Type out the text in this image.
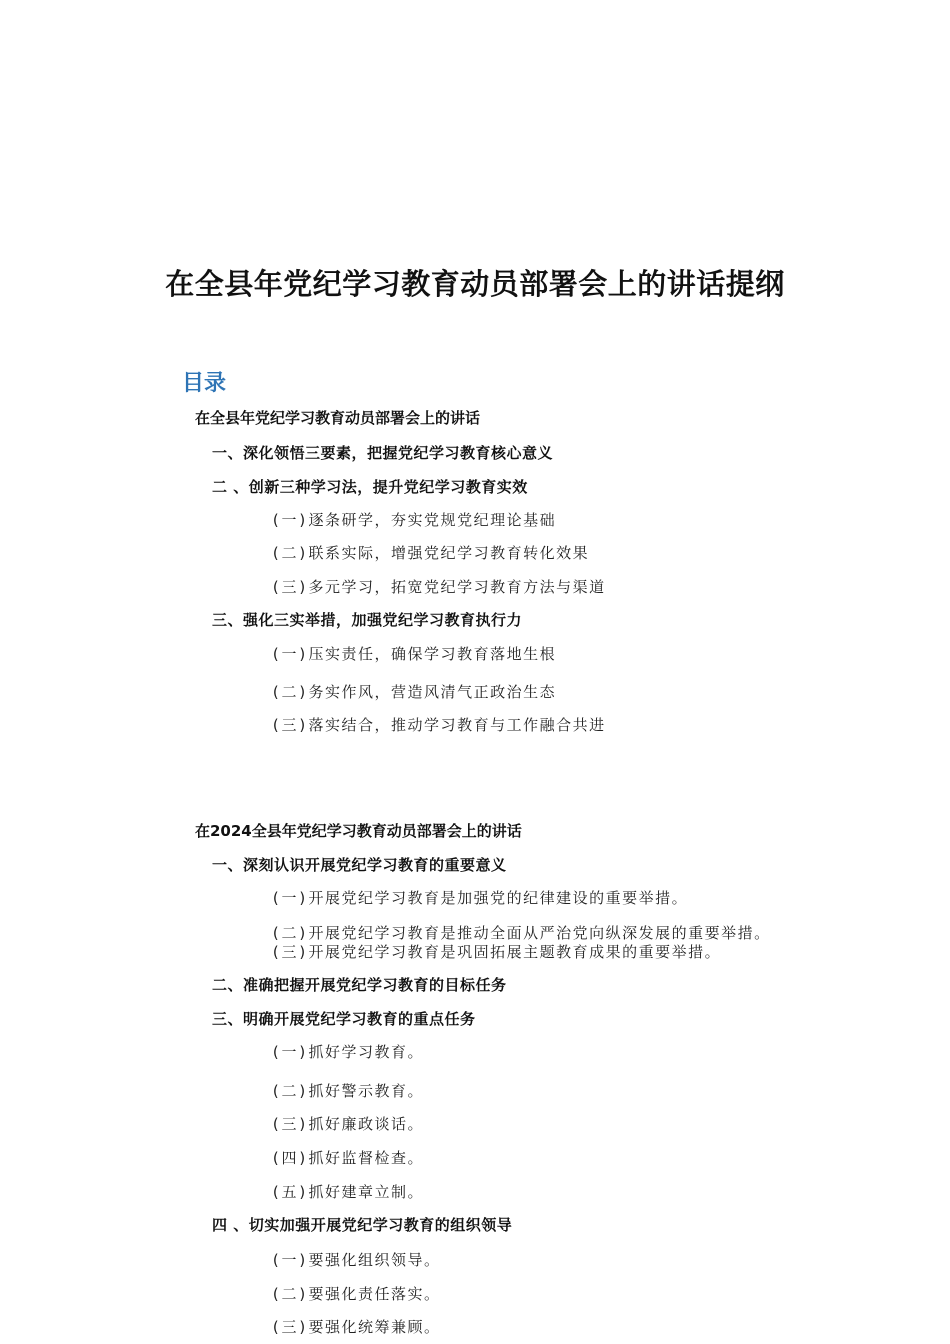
在全县年党纪学习教育动员部署会上的讲话提纲
目录
在全县年党纪学习教育动员部署会上的讲话
一、深化领悟三要素，把握党纪学习教育核心意义
二 、创新三种学习法，提升党纪学习教育实效
(一)逐条研学，夯实党规党纪理论基础
(二)联系实际，增强党纪学习教育转化效果
(三)多元学习，拓宽党纪学习教育方法与渠道
三、强化三实举措，加强党纪学习教育执行力
(一)压实责任，确保学习教育落地生根
(二)务实作风，营造风清气正政治生态
(三)落实结合，推动学习教育与工作融合共进
在2024全县年党纪学习教育动员部署会上的讲话
一、深刻认识开展党纪学习教育的重要意义
(一)开展党纪学习教育是加强党的纪律建设的重要举措。
(二)开展党纪学习教育是推动全面从严治党向纵深发展的重要举措。
(三)开展党纪学习教育是巩固拓展主题教育成果的重要举措。
二、准确把握开展党纪学习教育的目标任务
三、明确开展党纪学习教育的重点任务
(一)抓好学习教育。
(二)抓好警示教育。
(三)抓好廉政谈话。
(四)抓好监督检查。
(五)抓好建章立制。
四 、切实加强开展党纪学习教育的组织领导
(一)要强化组织领导。
(二)要强化责任落实。
(三)要强化统筹兼顾。
